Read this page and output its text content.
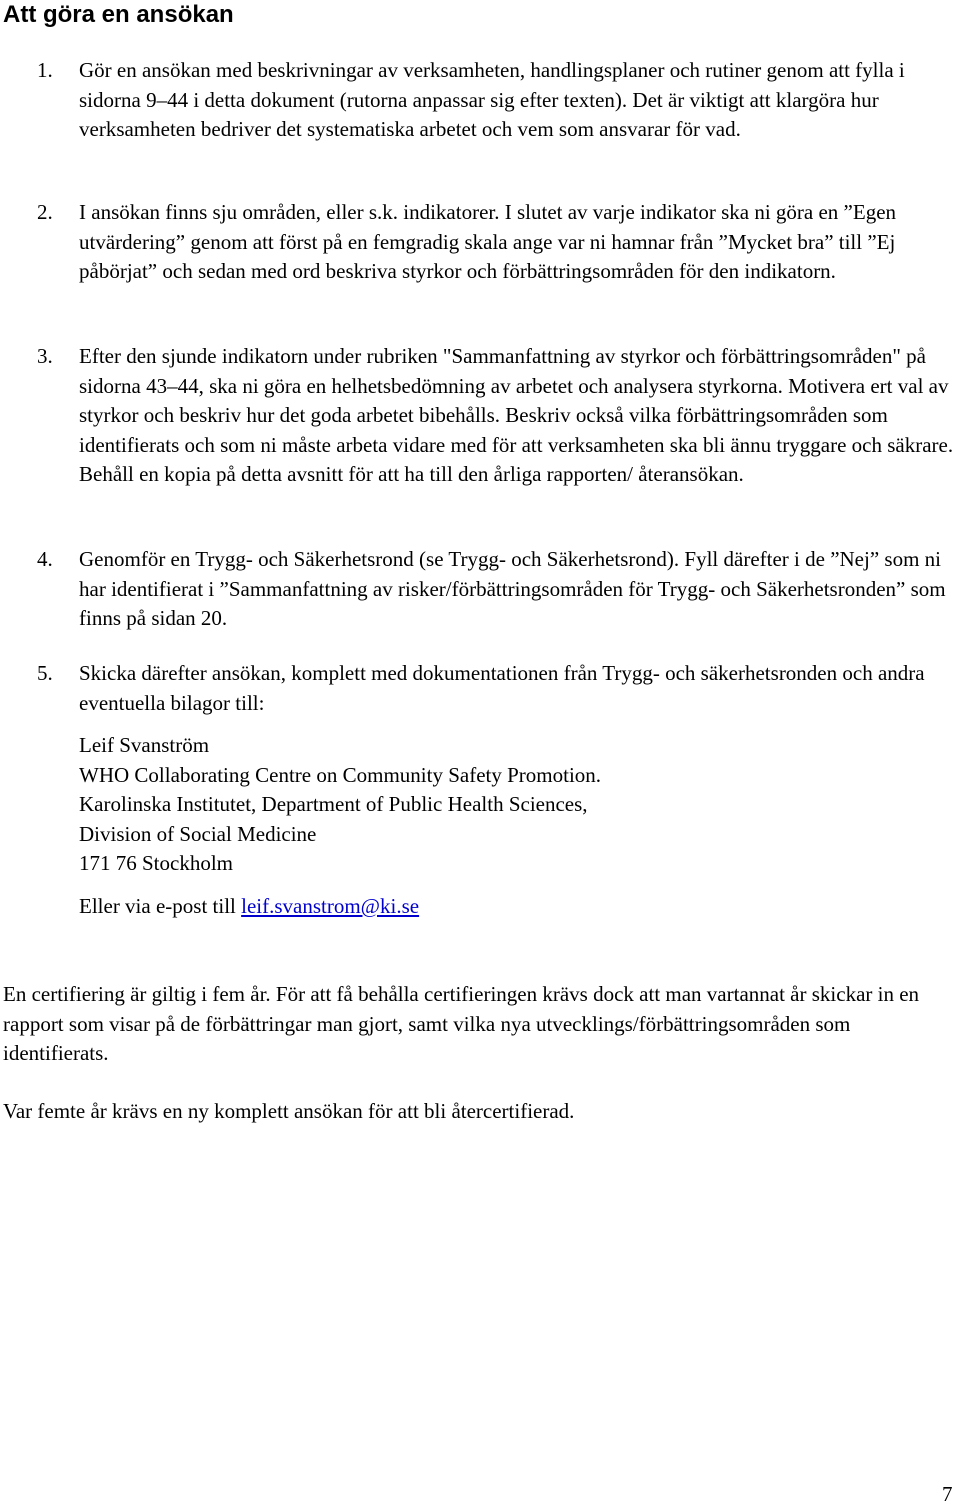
Att göra en ansökan
1. Gör en ansökan med beskrivningar av verksamheten, handlingsplaner och rutiner genom att fylla i sidorna 9–44 i detta dokument (rutorna anpassar sig efter texten). Det är viktigt att klargöra hur verksamheten bedriver det systematiska arbetet och vem som ansvarar för vad.

2. I ansökan finns sju områden, eller s.k. indikatorer. I slutet av varje indikator ska ni göra en ”Egen utvärdering” genom att först på en femgradig skala ange var ni hamnar från ”Mycket bra” till ”Ej påbörjat” och sedan med ord beskriva styrkor och förbättringsområden för den indikatorn.

3. Efter den sjunde indikatorn under rubriken "Sammanfattning av styrkor och förbättringsområden" på sidorna 43–44, ska ni göra en helhetsbedömning av arbetet och analysera styrkorna. Motivera ert val av styrkor och beskriv hur det goda arbetet bibehålls. Beskriv också vilka förbättringsområden som identifierats och som ni måste arbeta vidare med för att verksamheten ska bli ännu tryggare och säkrare. Behåll en kopia på detta avsnitt för att ha till den årliga rapporten/ återansökan.

4. Genomför en Trygg- och Säkerhetsrond (se Trygg- och Säkerhetsrond). Fyll därefter i de ”Nej” som ni har identifierat i ”Sammanfattning av risker/förbättringsområden för Trygg- och Säkerhetsronden” som finns på sidan 20.

5. Skicka därefter ansökan, komplett med dokumentationen från Trygg- och säkerhetsronden och andra eventuella bilagor till:

Leif Svanström
WHO Collaborating Centre on Community Safety Promotion.
Karolinska Institutet, Department of Public Health Sciences,
Division of Social Medicine
171 76 Stockholm
Eller via e-post till leif.svanstrom@ki.se

En certifiering är giltig i fem år. För att få behålla certifieringen krävs dock att man vartannat år skickar in en rapport som visar på de förbättringar man gjort, samt vilka nya utvecklings/förbättringsområden som identifierats.

Var femte år krävs en ny komplett ansökan för att bli återcertifierad.

7
